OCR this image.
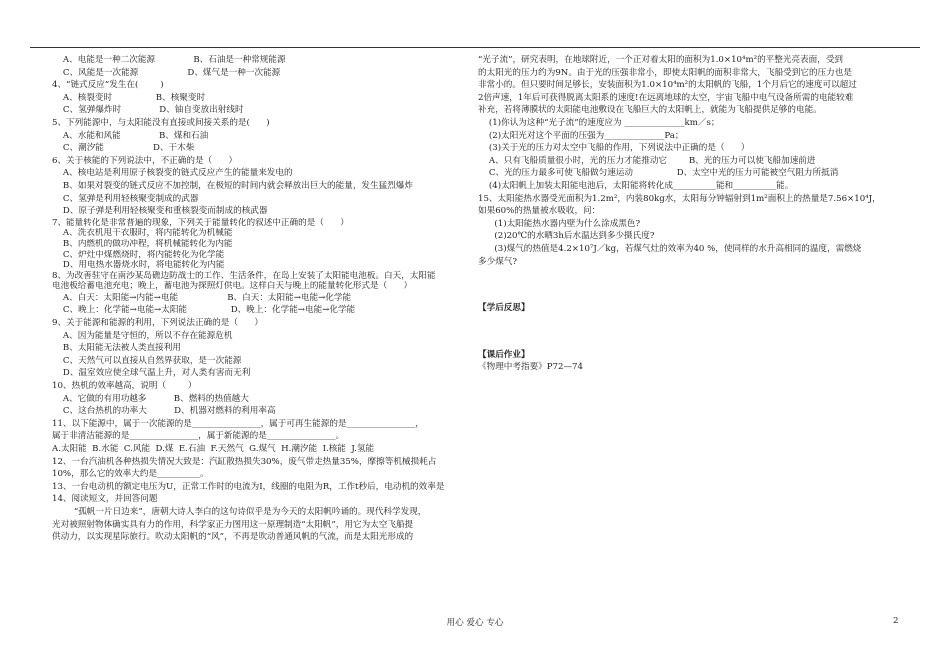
A、电能是一种二次能源              B、石油是一种常规能源
C、风能是一次能源                  D、煤气是一种一次能源
4、“链式反应”发生在(        )
A、核裂变时                B、核聚变时
C、氢弹爆炸时              D、铀自变放出射线时
5、下列能源中，与太阳能没有直接或间接关系的是(      )
A、水能和风能              B、煤和石油
C、潮汐能                  D、干木柴
6、关于核能的下列说法中，不正确的是（      ）
A、核电站是利用原子核裂变的链式反应产生的能量来发电的
B、如果对裂变的链式反应不加控制，在极短的时间内就会释放出巨大的能量，发生猛烈爆炸
C、氢弹是利用轻核聚变制成的武器
D、原子弹是利用轻核聚变和重核裂变而制成的核武器
7、能量转化是非常普遍的现象，下列关于能量转化的叙述中正确的是（      ）
A、洗衣机甩干衣服时，将内能转化为机械能
B、内燃机的做功冲程，将机械能转化为内能
C、炉灶中煤燃烧时，将内能转化为化学能
D、用电热水器烧水时，将电能转化为内能
8、为改善驻守在南沙某岛礁边防战士的工作、生活条件，在岛上安装了太阳能电池板。白天，太阳能
电池板给蓄电池充电；晚上，蓄电池为探照灯供电。这样白天与晚上的能量转化形式是（      ）
A、白天：太阳能→内能→电能                  B、白天：太阳能→电能→化学能
C、晚上：化学能→电能→太阳能                D、晚上：化学能→电能→化学能
9、关于能源和能源的利用，下列说法正确的是（      ）
A、因为能量是守恒的，所以不存在能源危机
B、太阳能无法被人类直接利用
C、天然气可以直接从自然界获取，是一次能源
D、温室效应使全球气温上升，对人类有害而无利
10、热机的效率越高，说明（        ）
A、它做的有用功越多          B、燃料的热值越大
C、这台热机的功率大          D、机器对燃料的利用率高
11、以下能源中，属于一次能源的是________________，属于可再生能源的是________________，
属于非清洁能源的是________________，属于新能源的是________________。
A.太阳能  B.水能  C.风能  D.煤  E.石油  F.天然气  G.煤气  H.潮汐能  I.核能  J.氢能
12、一台汽油机各种热损失情况大致是：汽缸散热损失30%，废气带走热量35%，摩擦等机械损耗占
10%，那么它的效率大约是__________。
13、一台电动机的额定电压为U，正常工作时的电流为I，线圈的电阻为R，工作t秒后，电动机的效率是
14、阅读短文，并回答问题
“孤帆一片日边来”，唐朝大诗人李白的这句诗似乎是为今天的太阳帆吟诵的。现代科学发现，
光对被照射物体确实具有力的作用，科学家正力图用这一原理制造“太阳帆”，用它为太空飞船提
供动力，以实现星际旅行。吹动太阳帆的“风”，不再是吹动普通风帆的气流，而是太阳光形成的
“光子流”，研究表明，在地球附近，一个正对着太阳的面积为1.0×10⁴m²的平整光亮表面，受到
的太阳光的压力约为9N。由于光的压强非常小，即使太阳帆的面积非常大，飞船受到它的压力也是
非常小的。但只要时间足够长，安装面积为1.0×10⁴m²的太阳帆的飞船，1个月后它的速度可以超过
2倍声速，1年后可获得脱离太阳系的速度!在远离地球的太空，宇宙飞船中电气设备所需的电能较难
补充，若将薄膜状的太阳能电池敷设在飞船巨大的太阳帆上，就能为飞船提供足够的电能。
(1)你认为这种“光子流”的速度应为 ______________km／s；
(2)太阳光对这个平面的压强为______________Pa；
(3)关于光的压力对太空中飞船的作用，下列说法中正确的是（      ）
A、只有飞船质量很小时，光的压力才能推动它        B、光的压力可以使飞船加速前进
C、光的压力最多可使飞船做匀速运动                D、太空中光的压力可能被空气阻力所抵消
(4)太阳帆上加装太阳能电池后，太阳能将转化成__________能和__________能。
15、太阳能热水器受光面积为1.2m²，内装80kg水，太阳每分钟辐射到1m²面积上的热量是7.56×10⁴J，
如果60%的热量被水吸收，问：
(1)太阳能热水器内壁为什么涂成黑色?
(2)20℃的水晒3h后水温达到多少摄氏度?
(3)煤气的热值是4.2×10⁷J／kg，若煤气灶的效率为40 %，使同样的水升高相同的温度，需燃烧
多少煤气?
【学后反思】
【课后作业】
《物理中考指要》P72—74
用心 爱心 专心	2
